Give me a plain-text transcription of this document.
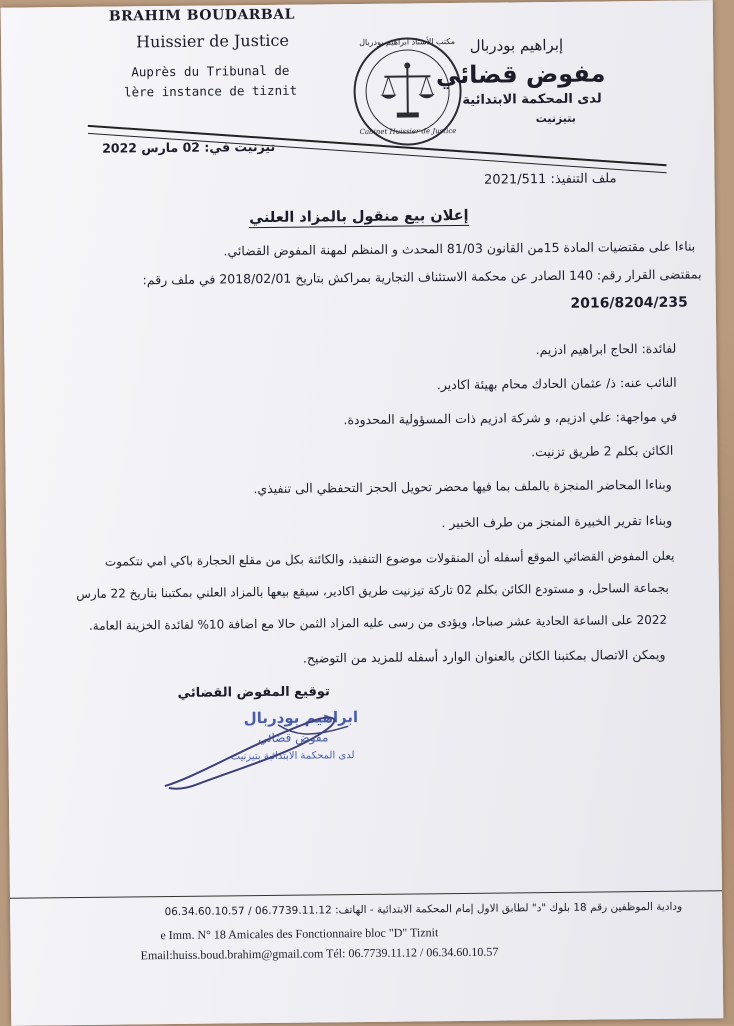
BRAHIM BOUDARBAL
Huissier de Justice
Auprès du Tribunal de
lère instance de tiznit
مكتب الأستاذ ابراهيم بودربال
Cabinet Huissier de Justice
إبراهيم بودربال
مفوض قضائي
لدى المحكمة الابتدائية
بتيزنيت
تيزنيت في: 02 مارس 2022
ملف التنفيذ: 2021/511
إعلان بيع منقول بالمزاد العلني
بناءا على مقتضيات المادة 15من القانون 81/03 المحدث و المنظم لمهنة المفوض القضائي.
بمقتضى القرار رقم: 140 الصادر عن محكمة الاستئناف التجارية بمراكش بتاريخ 2018/02/01 في ملف رقم:
2016/8204/235
لفائدة: الحاج ابراهيم ادزيم.
النائب عنه: ذ/ عثمان الحادك محام بهيئة اكادير.
في مواجهة: علي ادزيم، و شركة ادزيم ذات المسؤولية المحدودة.
الكائن بكلم 2 طريق تزنيت.
وبناءا المحاضر المنجزة بالملف بما فيها محضر تحويل الحجز التحفظي الى تنفيذي.
وبناءا تقرير الخبيرة المنجز من طرف الخبير .
يعلن المفوض القضائي الموقع أسفله أن المنقولات موضوع التنفيذ، والكائنة بكل من مقلع الحجارة باكي امي نتكموت
بجماعة الساحل، و مستودع الكائن بكلم 02 تاركة تيزنيت طريق اكادير، سيقع بيعها بالمزاد العلني بمكتبنا بتاريخ 22 مارس
2022 على الساعة الحادية عشر صباحا، ويؤدى من رسى عليه المزاد الثمن حالا مع اضافة 10% لفائدة الخزينة العامة.
ويمكن الاتصال بمكتبنا الكائن بالعنوان الوارد أسفله للمزيد من التوضيح.
توقيع المفوض القضائي
ابراهيم بودربال
مفوض قضائي
لدى المحكمة الابتدائية بتيزنيت
ودادية الموظفين رقم 18 بلوك "د" لطابق الاول إمام المحكمة الابتدائية - الهاتف: 06.7739.11.12 / 06.34.60.10.57
e Imm. N° 18 Amicales des Fonctionnaire bloc "D" Tiznit
Email:huiss.boud.brahim@gmail.com Tél: 06.7739.11.12 / 06.34.60.10.57
